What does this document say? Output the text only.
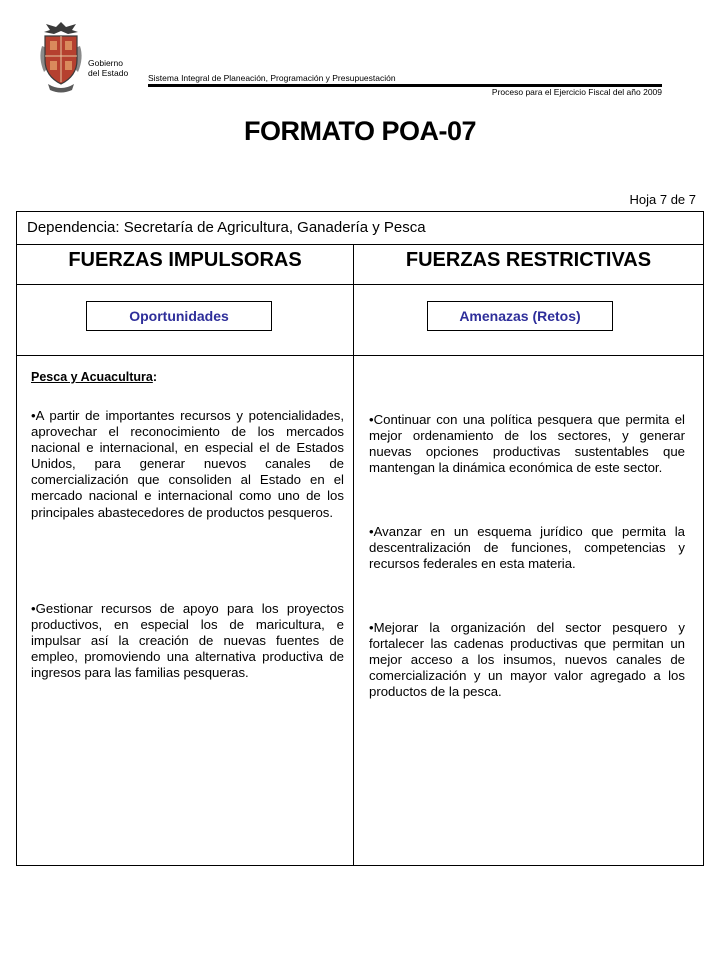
Gobierno
del Estado Sistema Integral de Planeación, Programación y Presupuestación
Proceso para el Ejercicio Fiscal del año 2009
FORMATO POA-07
Hoja 7 de 7
Dependencia: Secretaría de Agricultura, Ganadería y Pesca
FUERZAS IMPULSORAS	FUERZAS RESTRICTIVAS
Oportunidades	Amenazas (Retos)
Pesca y Acuacultura:
•A partir de importantes recursos y potencialidades, aprovechar el reconocimiento de los mercados nacional e internacional, en especial el de Estados Unidos, para generar nuevos canales de comercialización que consoliden al Estado en el mercado nacional e internacional como uno de los principales abastecedores de productos pesqueros.
•Gestionar recursos de apoyo para los proyectos productivos, en especial los de maricultura, e impulsar así la creación de nuevas fuentes de empleo, promoviendo una alternativa productiva de ingresos para las familias pesqueras.
•Continuar con una política pesquera que permita el mejor ordenamiento de los sectores, y generar nuevas opciones productivas sustentables que mantengan la dinámica económica de este sector.
•Avanzar en un esquema jurídico que permita la descentralización de funciones, competencias y recursos federales en esta materia.
•Mejorar la organización del sector pesquero y fortalecer las cadenas productivas que permitan un mejor acceso a los insumos, nuevos canales de comercialización y un mayor valor agregado a los productos de la pesca.
